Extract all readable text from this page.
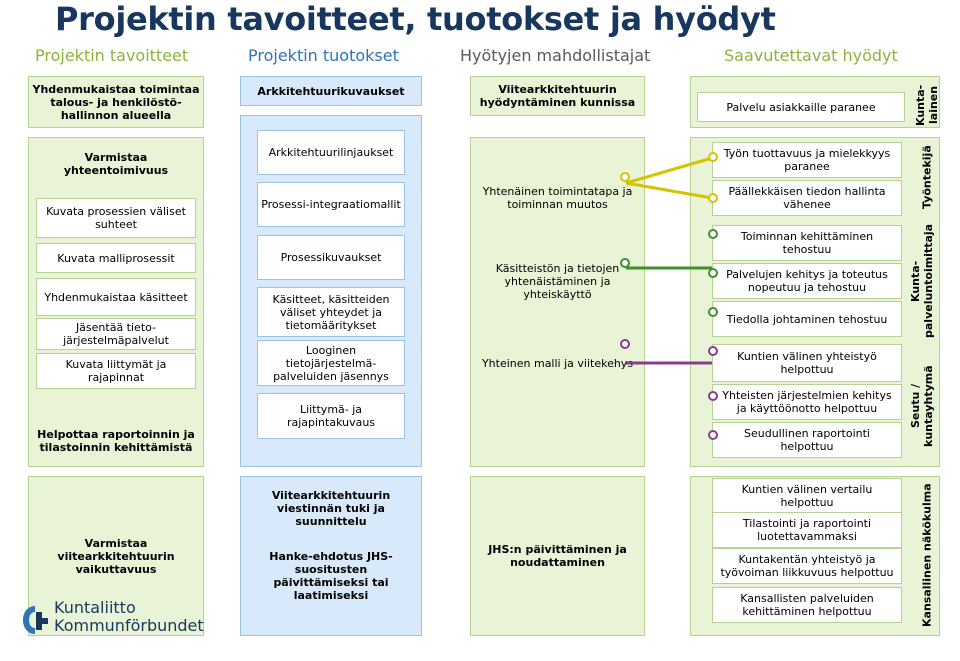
Projektin tavoitteet, tuotokset ja hyödyt
Projektin tavoitteet	Projektin tuotokset	Hyötyjen mahdollistajat	Saavutettavat hyödyt
Yhdenmukaistaa toimintaa talous- ja henkilöstö-hallinnon alueella
Varmistaa yhteentoimivuus
Kuvata prosessien väliset suhteet
Kuvata malliprosessit
Yhdenmukaistaa käsitteet
Jäsentää tieto-järjestelmäpalvelut
Kuvata liittymät ja rajapinnat
Helpottaa raportoinnin ja tilastoinnin kehittämistä
Varmistaa viitearkkitehtuurin vaikuttavuus
Arkkitehtuurikuvaukset
Arkkitehtuurilinjaukset
Prosessi-integraatiomallit
Prosessikuvaukset
Käsitteet, käsitteiden väliset yhteydet ja tietomääritykset
Looginen tietojärjestelmä-palveluiden jäsennys
Liittymä- ja rajapintakuvaus
Viitearkkitehtuurin viestinnän tuki ja suunnittelu
Hanke-ehdotus JHS-suositusten päivittämiseksi tai laatimiseksi
Viitearkkitehtuurin hyödyntäminen kunnissa
Yhtenäinen toimintatapa ja toiminnan muutos
Käsitteistön ja tietojen yhtenäistäminen ja yhteiskäyttö
Yhteinen malli ja viitekehys
JHS:n päivittäminen ja noudattaminen
Palvelu asiakkaille paranee
Työn tuottavuus ja mielekkyys paranee
Päällekkäisen tiedon hallinta vähenee
Toiminnan kehittäminen tehostuu
Palvelujen kehitys ja toteutus nopeutuu ja tehostuu
Tiedolla johtaminen tehostuu
Kuntien välinen yhteistyö helpottuu
Yhteisten järjestelmien kehitys ja käyttöönotto helpottuu
Seudullinen raportointi helpottuu
Kuntien välinen vertailu helpottuu
Tilastointi ja raportointi luotettavammaksi
Kuntakentän yhteistyö ja työvoiman liikkuvuus helpottuu
Kansallisten palveluiden kehittäminen helpottuu
Kunta-lainen
Työntekijä
Kunta-palveluntoimittaja
Seutu / kuntayhtymä
Kansallinen näkökulma
Kuntaliitto
Kommunförbundet
